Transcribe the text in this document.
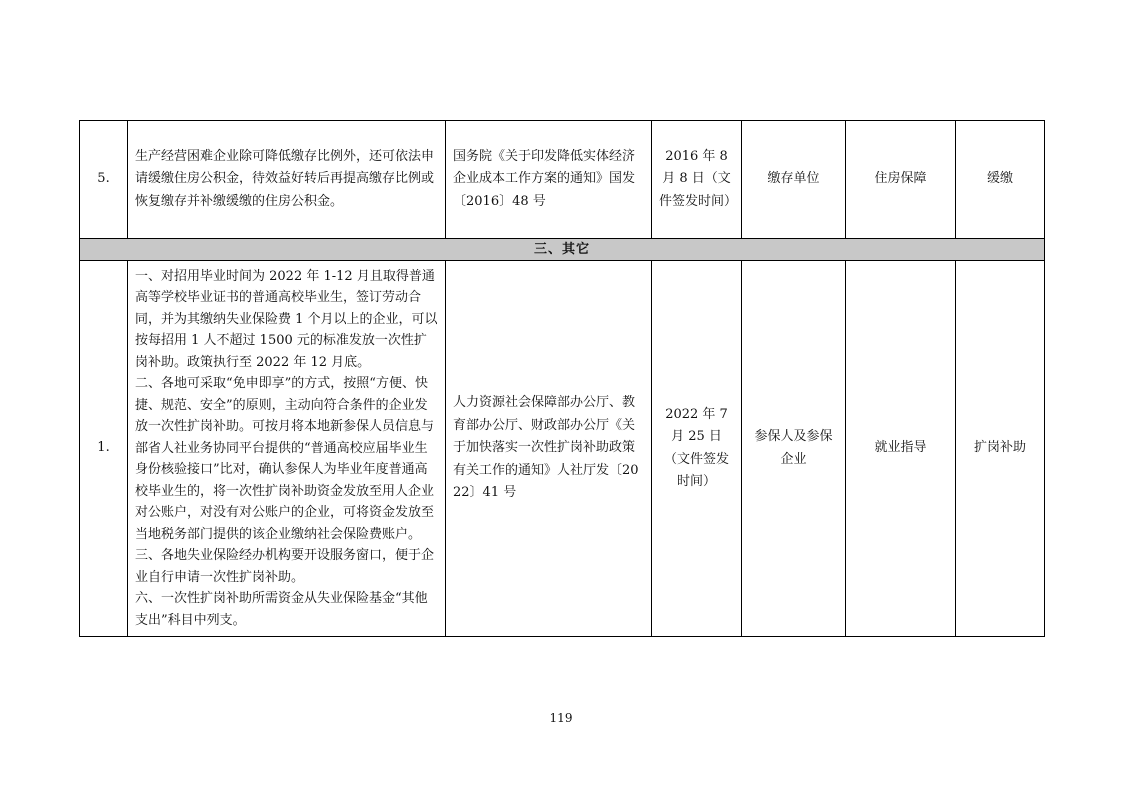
5.	生产经营困难企业除可降低缴存比例外，还可依法申请缓缴住房公积金，待效益好转后再提高缴存比例或恢复缴存并补缴缓缴的住房公积金。	国务院《关于印发降低实体经济企业成本工作方案的通知》国发〔2016〕48 号	2016 年 8 月 8 日（文件签发时间）	缴存单位	住房保障	缓缴
三、其它						
1.	一、对招用毕业时间为 2022 年 1-12 月且取得普通高等学校毕业证书的普通高校毕业生，签订劳动合同，并为其缴纳失业保险费 1 个月以上的企业，可以按每招用 1 人不超过 1500 元的标准发放一次性扩岗补助。政策执行至 2022 年 12 月底。
二、各地可采取“免申即享”的方式，按照“方便、快捷、规范、安全”的原则，主动向符合条件的企业发放一次性扩岗补助。可按月将本地新参保人员信息与部省人社业务协同平台提供的“普通高校应届毕业生身份核验接口”比对，确认参保人为毕业年度普通高校毕业生的，将一次性扩岗补助资金发放至用人企业对公账户，对没有对公账户的企业，可将资金发放至当地税务部门提供的该企业缴纳社会保险费账户。
三、各地失业保险经办机构要开设服务窗口，便于企业自行申请一次性扩岗补助。
六、一次性扩岗补助所需资金从失业保险基金“其他支出”科目中列支。	人力资源社会保障部办公厅、教育部办公厅、财政部办公厅《关于加快落实一次性扩岗补助政策有关工作的通知》人社厅发〔2022〕41 号	2022 年 7 月 25 日（文件签发时间）	参保人及参保企业	就业指导	扩岗补助
119
